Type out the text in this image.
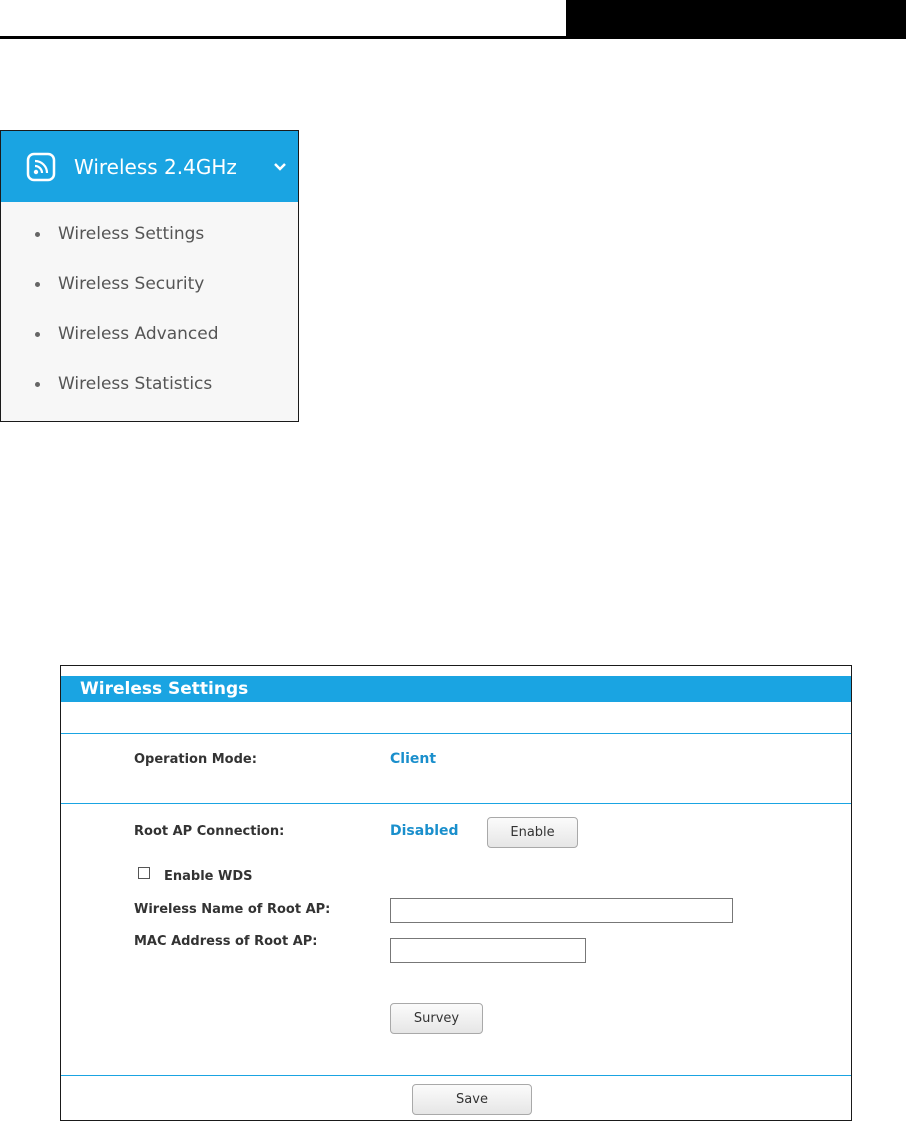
Wireless 2.4GHz
Wireless Settings
Wireless Security
Wireless Advanced
Wireless Statistics
Wireless Settings
Operation Mode:	Client
Root AP Connection:	Disabled	Enable
Enable WDS
Wireless Name of Root AP:
MAC Address of Root AP:
Survey
Save
